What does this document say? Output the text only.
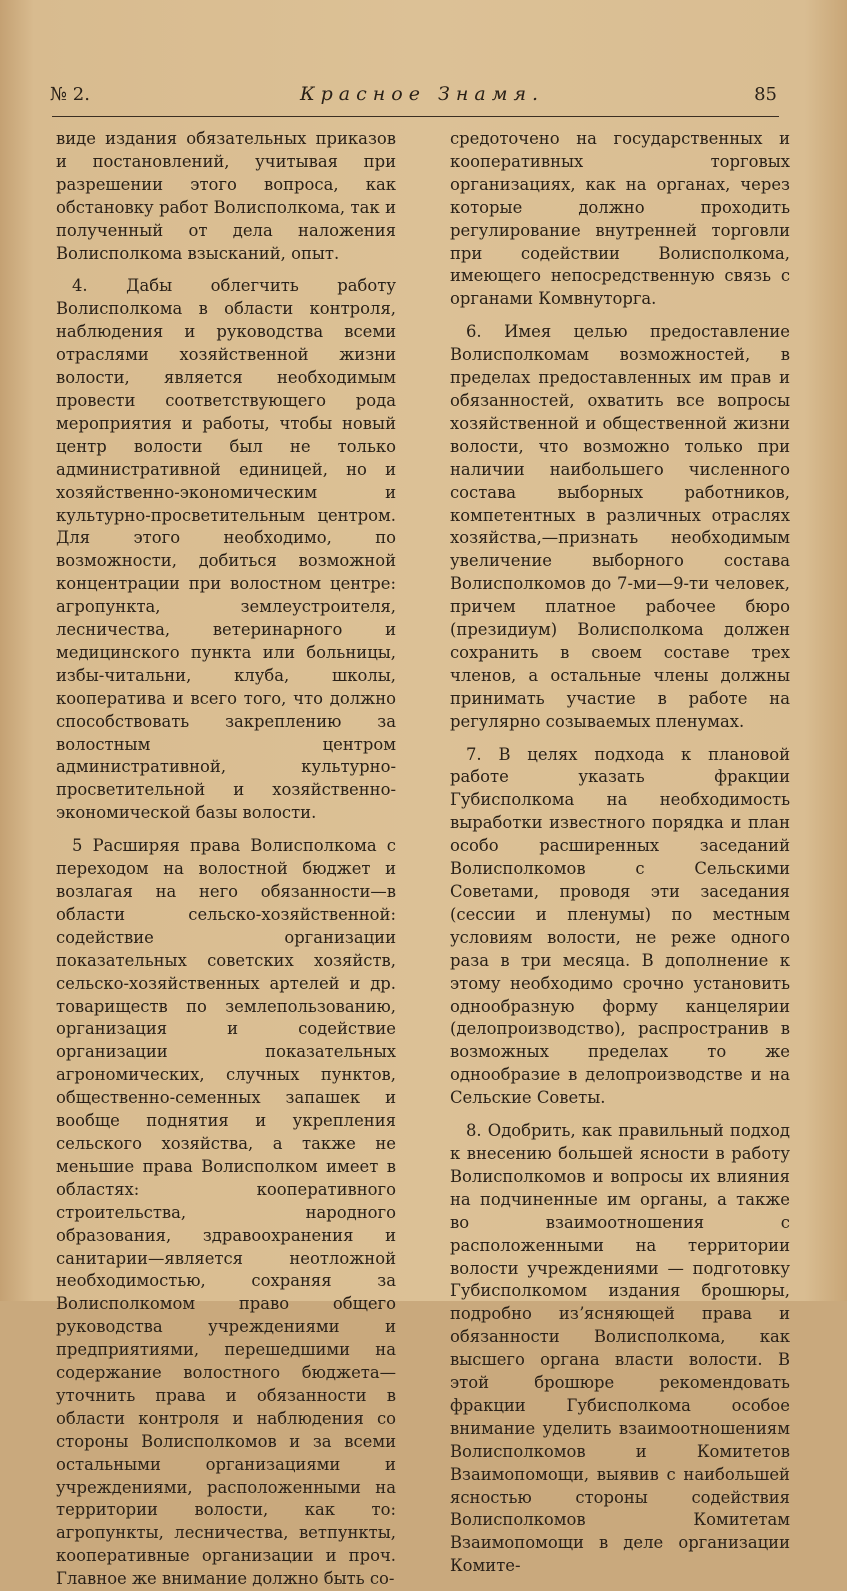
№ 2.	Красное Знамя.	85

виде издания обязательных приказов и постановлений, учитывая при разрешении этого вопроса, как обстановку работ Волисполкома, так и полученный от дела наложения Волисполкома взысканий, опыт.

4. Дабы облегчить работу Волисполкома в области контроля, наблюдения и руководства всеми отраслями хозяйственной жизни волости, является необходимым провести соответствующего рода мероприятия и работы, чтобы новый центр волости был не только административной единицей, но и хозяйственно-экономическим и культурно-просветительным центром. Для этого необходимо, по возможности, добиться возможной концентрации при волостном центре: агропункта, землеустроителя, лесничества, ветеринарного и медицинского пункта или больницы, избы-читальни, клуба, школы, кооператива и всего того, что должно способствовать закреплению за волостным центром административной, культурно-просветительной и хозяйственно-экономической базы волости.

5 Расширяя права Волисполкома с переходом на волостной бюджет и возлагая на него обязанности—в области сельско-хозяйственной: содействие организации показательных советских хозяйств, сельско-хозяйственных артелей и др. товариществ по землепользованию, организация и содействие организации показательных агрономических, случных пунктов, общественно-семенных запашек и вообще поднятия и укрепления сельского хозяйства, а также не меньшие права Волисполком имеет в областях: кооперативного строительства, народного образования, здравоохранения и санитарии—является неотложной необходимостью, сохраняя за Волисполкомом право общего руководства учреждениями и предприятиями, перешедшими на содержание волостного бюджета—уточнить права и обязанности в области контроля и наблюдения со стороны Волисполкомов и за всеми остальными организациями и учреждениями, расположенными на территории волости, как то: агропункты, лесничества, ветпункты, кооперативные организации и проч. Главное же внимание должно быть со-

средоточено на государственных и кооперативных торговых организациях, как на органах, через которые должно проходить регулирование внутренней торговли при содействии Волисполкома, имеющего непосредственную связь с органами Комвнуторга.

6. Имея целью предоставление Волисполкомам возможностей, в пределах предоставленных им прав и обязанностей, охватить все вопросы хозяйственной и общественной жизни волости, что возможно только при наличии наибольшего численного состава выборных работников, компетентных в различных отраслях хозяйства,—признать необходимым увеличение выборного состава Волисполкомов до 7-ми—9-ти человек, причем платное рабочее бюро (президиум) Волисполкома должен сохранить в своем составе трех членов, а остальные члены должны принимать участие в работе на регулярно созываемых пленумах.

7. В целях подхода к плановой работе указать фракции Губисполкома на необходимость выработки известного порядка и план особо расширенных заседаний Волисполкомов с Сельскими Советами, проводя эти заседания (сессии и пленумы) по местным условиям волости, не реже одного раза в три месяца. В дополнение к этому необходимо срочно установить однообразную форму канцелярии (делопроизводство), распространив в возможных пределах то же однообразие в делопроизводстве и на Сельские Советы.

8. Одобрить, как правильный подход к внесению большей ясности в работу Волисполкомов и вопросы их влияния на подчиненные им органы, а также во взаимоотношения с расположенными на территории волости учреждениями — подготовку Губисполкомом издания брошюры, подробно изʼясняющей права и обязанности Волисполкома, как высшего органа власти волости. В этой брошюре рекомендовать фракции Губисполкома особое внимание уделить взаимоотношениям Волисполкомов и Комитетов Взаимопомощи, выявив с наибольшей ясностью стороны содействия Волисполкомов Комитетам Взаимопомощи в деле организации Комите-
